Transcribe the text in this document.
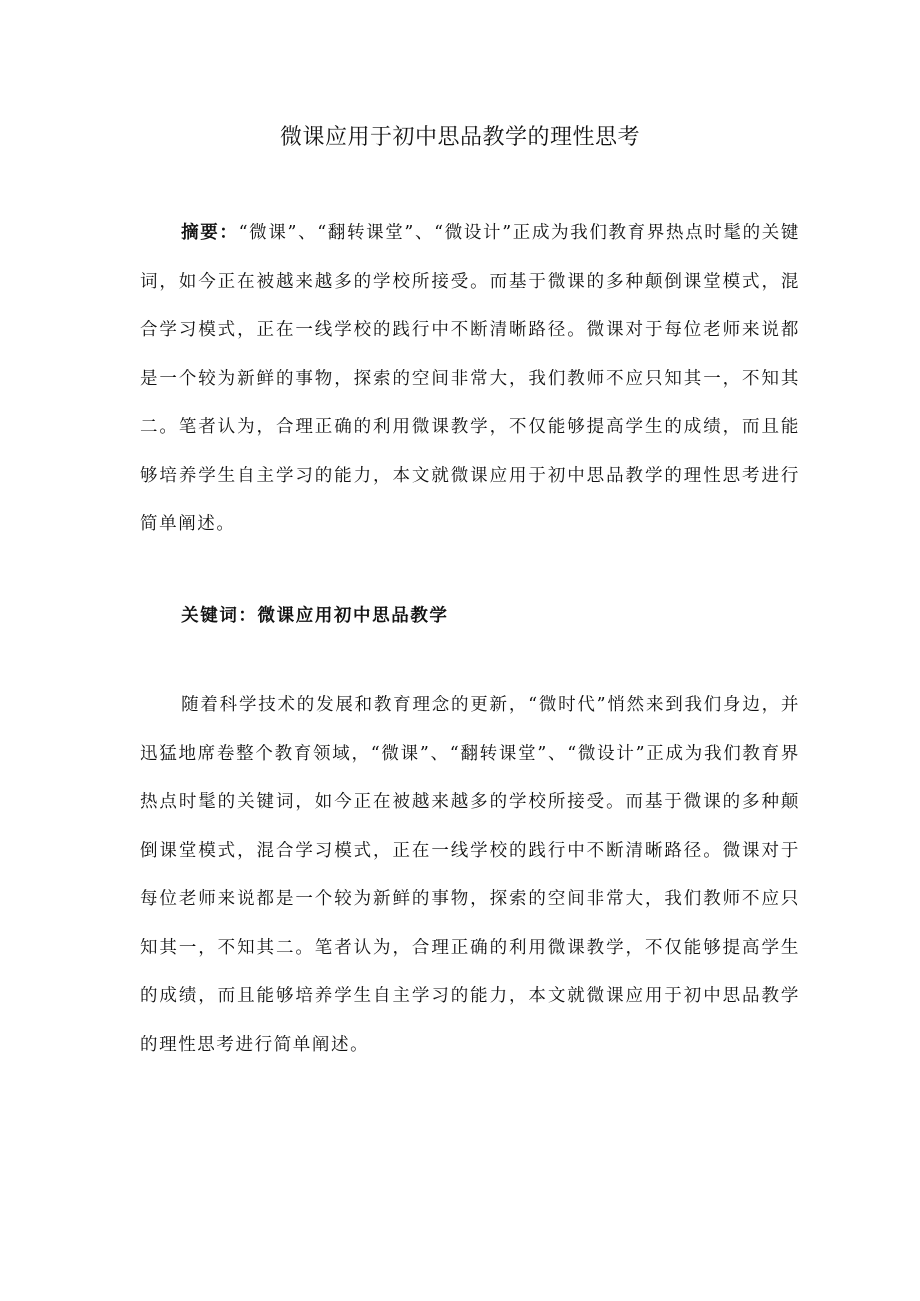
微课应用于初中思品教学的理性思考

摘要：“微课”、“翻转课堂”、“微设计”正成为我们教育界热点时髦的关键词，如今正在被越来越多的学校所接受。而基于微课的多种颠倒课堂模式，混合学习模式，正在一线学校的践行中不断清晰路径。微课对于每位老师来说都是一个较为新鲜的事物，探索的空间非常大，我们教师不应只知其一，不知其二。笔者认为，合理正确的利用微课教学，不仅能够提高学生的成绩，而且能够培养学生自主学习的能力，本文就微课应用于初中思品教学的理性思考进行简单阐述。

关键词：微课应用初中思品教学

随着科学技术的发展和教育理念的更新，“微时代”悄然来到我们身边，并迅猛地席卷整个教育领域，“微课”、“翻转课堂”、“微设计”正成为我们教育界热点时髦的关键词，如今正在被越来越多的学校所接受。而基于微课的多种颠倒课堂模式，混合学习模式，正在一线学校的践行中不断清晰路径。微课对于每位老师来说都是一个较为新鲜的事物，探索的空间非常大，我们教师不应只知其一，不知其二。笔者认为，合理正确的利用微课教学，不仅能够提高学生的成绩，而且能够培养学生自主学习的能力，本文就微课应用于初中思品教学的理性思考进行简单阐述。
